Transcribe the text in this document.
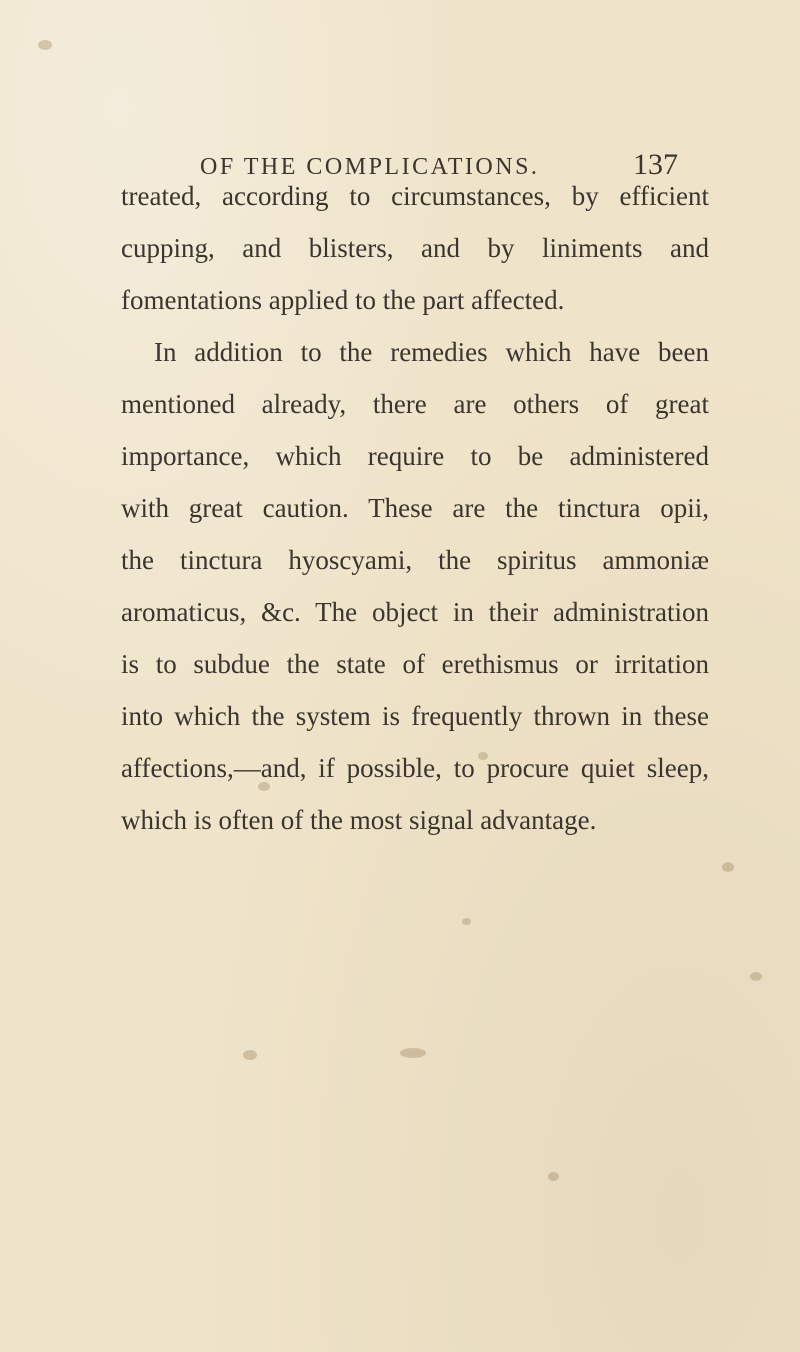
OF THE COMPLICATIONS.	137
treated, according to circumstances, by efficient
cupping, and blisters, and by liniments and
fomentations applied to the part affected.
In addition to the remedies which have been
mentioned already, there are others of great
importance, which require to be administered
with great caution. These are the tinctura opii,
the tinctura hyoscyami, the spiritus ammoniæ
aromaticus, &c. The object in their administration
is to subdue the state of erethismus or irritation
into which the system is frequently thrown in these
affections,—and, if possible, to procure quiet sleep,
which is often of the most signal advantage.
